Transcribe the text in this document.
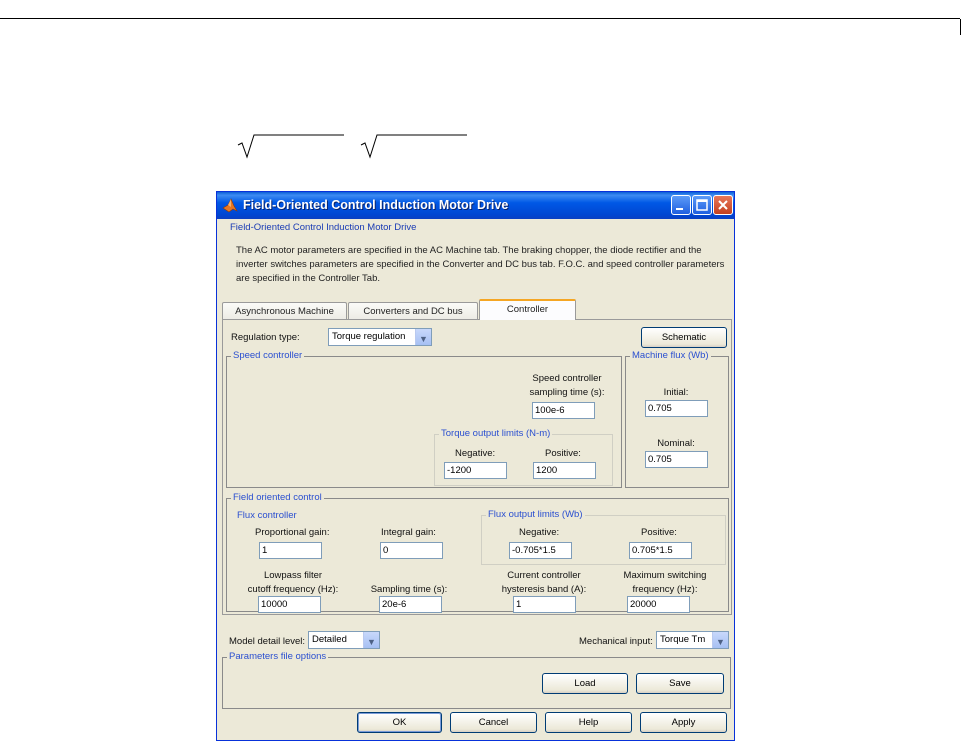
Field-Oriented Control Induction Motor Drive
Field-Oriented Control Induction Motor Drive
The AC motor parameters are specified in the AC Machine tab. The braking chopper, the diode rectifier and the inverter switches parameters are specified in the Converter and DC bus tab. F.O.C. and speed controller parameters are specified in the Controller Tab.
Asynchronous Machine	Converters and DC bus	Controller
Regulation type:	Torque regulation ▼	Schematic
Speed controller
Speed controller
sampling time (s):
100e-6
Torque output limits (N-m)
Negative:
-1200
Positive:
1200
Machine flux (Wb)
Initial:
0.705
Nominal:
0.705
Field oriented control
Flux controller
Proportional gain:
1
Integral gain:
0
Flux output limits (Wb)
Negative:
-0.705*1.5
Positive:
0.705*1.5
Lowpass filter
cutoff frequency (Hz):
10000
Sampling time (s):
20e-6
Current controller
hysteresis band (A):
1
Maximum switching
frequency (Hz):
20000
Model detail level: Detailed ▼	Mechanical input: Torque Tm ▼
Parameters file options
Load	Save
OK	Cancel	Help	Apply
